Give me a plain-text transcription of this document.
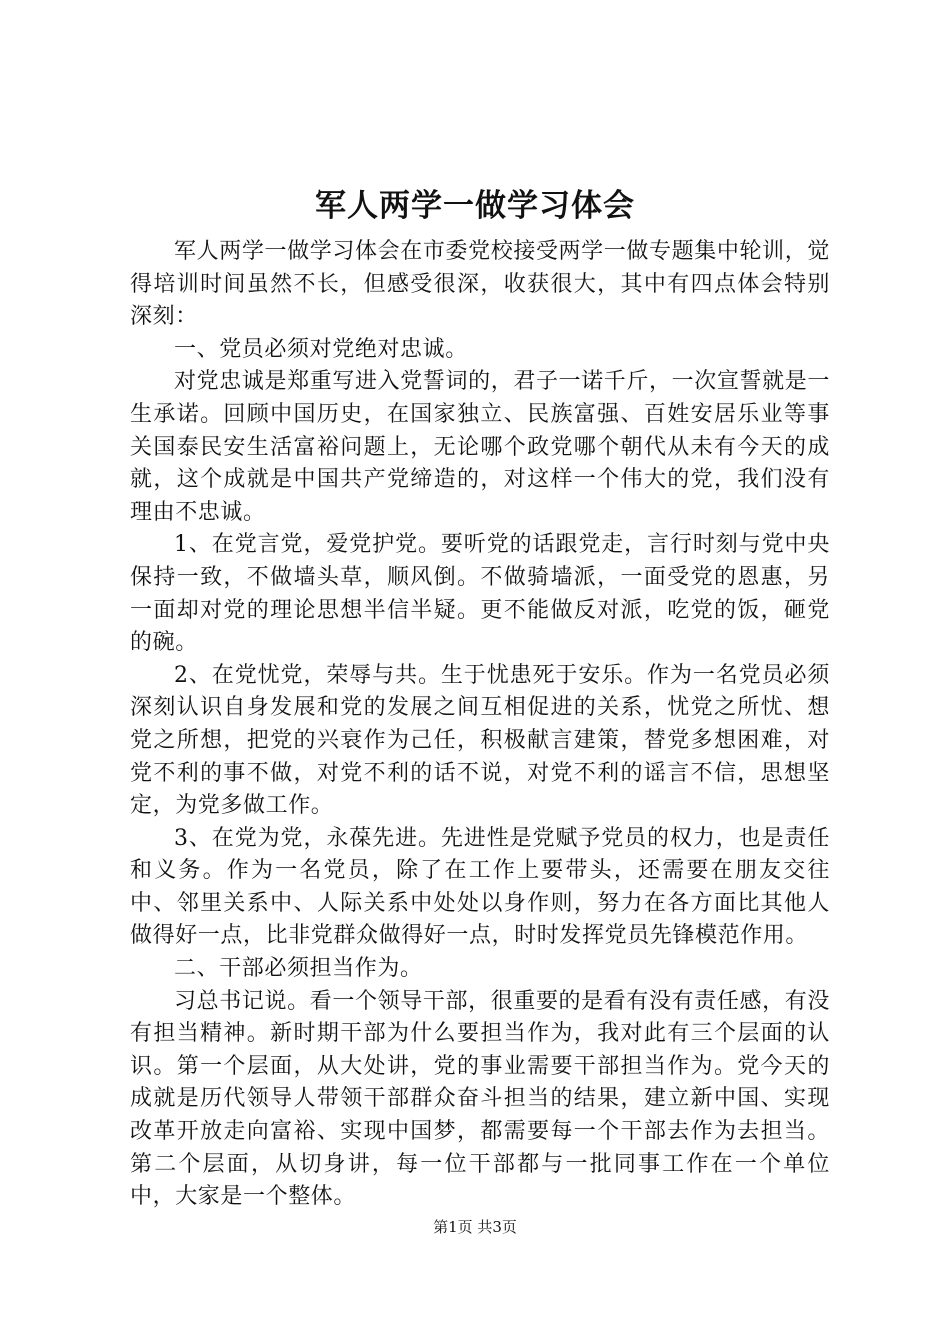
军人两学一做学习体会

军人两学一做学习体会在市委党校接受两学一做专题集中轮训，觉得培训时间虽然不长，但感受很深，收获很大，其中有四点体会特别深刻：

一、党员必须对党绝对忠诚。

对党忠诚是郑重写进入党誓词的，君子一诺千斤，一次宣誓就是一生承诺。回顾中国历史，在国家独立、民族富强、百姓安居乐业等事关国泰民安生活富裕问题上，无论哪个政党哪个朝代从未有今天的成就，这个成就是中国共产党缔造的，对这样一个伟大的党，我们没有理由不忠诚。

1、在党言党，爱党护党。要听党的话跟党走，言行时刻与党中央保持一致，不做墙头草，顺风倒。不做骑墙派，一面受党的恩惠，另一面却对党的理论思想半信半疑。更不能做反对派，吃党的饭，砸党的碗。

2、在党忧党，荣辱与共。生于忧患死于安乐。作为一名党员必须深刻认识自身发展和党的发展之间互相促进的关系，忧党之所忧、想党之所想，把党的兴衰作为己任，积极献言建策，替党多想困难，对党不利的事不做，对党不利的话不说，对党不利的谣言不信，思想坚定，为党多做工作。

3、在党为党，永葆先进。先进性是党赋予党员的权力，也是责任和义务。作为一名党员，除了在工作上要带头，还需要在朋友交往中、邻里关系中、人际关系中处处以身作则，努力在各方面比其他人做得好一点，比非党群众做得好一点，时时发挥党员先锋模范作用。

二、干部必须担当作为。

习总书记说。看一个领导干部，很重要的是看有没有责任感，有没有担当精神。新时期干部为什么要担当作为，我对此有三个层面的认识。第一个层面，从大处讲，党的事业需要干部担当作为。党今天的成就是历代领导人带领干部群众奋斗担当的结果，建立新中国、实现改革开放走向富裕、实现中国梦，都需要每一个干部去作为去担当。第二个层面，从切身讲，每一位干部都与一批同事工作在一个单位中，大家是一个整体。

第1页 共3页
